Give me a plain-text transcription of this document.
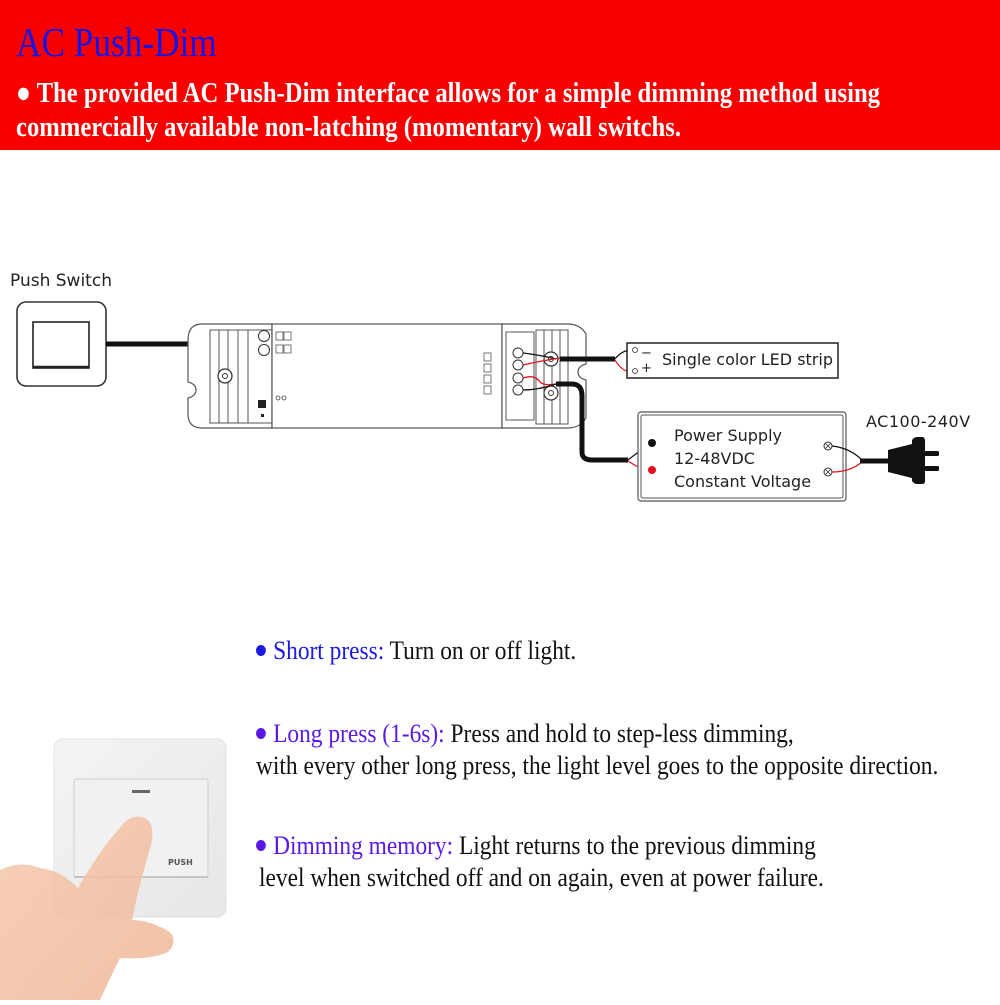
AC Push-Dim
● The provided AC Push-Dim interface allows for a simple dimming method using
commercially available non-latching (momentary) wall switchs.
Push Switch
−
+ Single color LED strip
Power Supply
12-48VDC
Constant Voltage
AC100-240V
Short press: Turn on or off light.
Long press (1-6s): Press and hold to step-less dimming,
with every other long press, the light level goes to the opposite direction.
Dimming memory: Light returns to the previous dimming
level when switched off and on again, even at power failure.
PUSH
